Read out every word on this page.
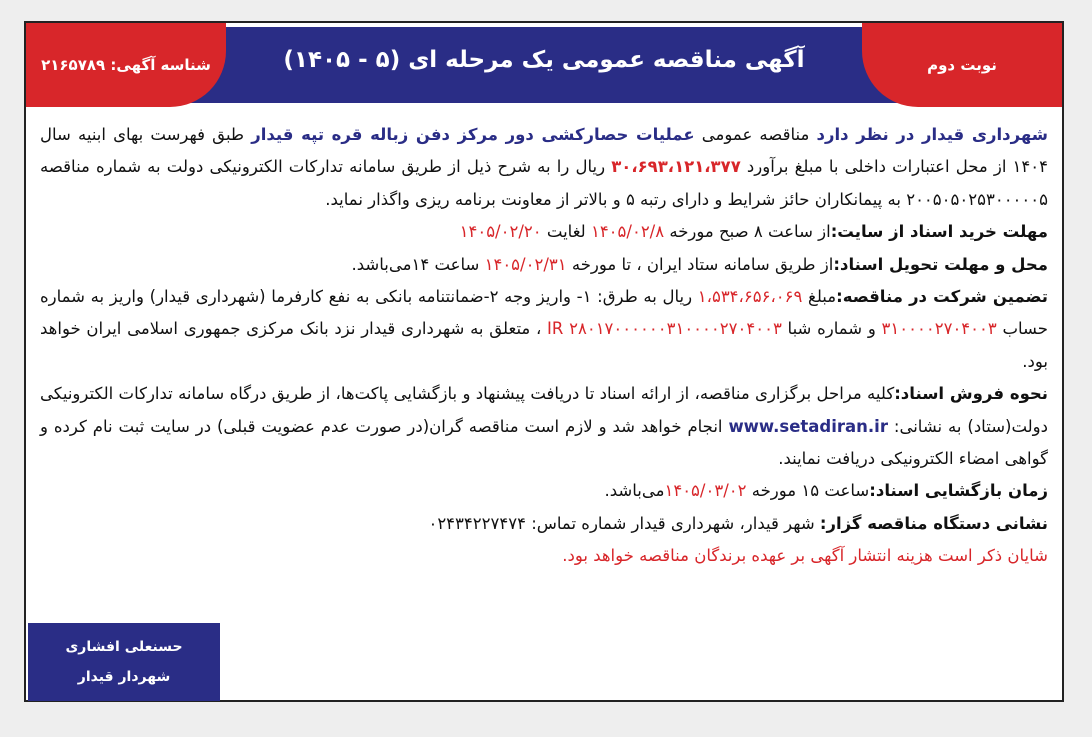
آگهی مناقصه عمومی یک مرحله ای (۵ - ۱۴۰۵)	نوبت دوم
شناسه آگهی: ۲۱۶۵۷۸۹

شهرداری قیدار در نظر دارد مناقصه عمومی عملیات حصارکشی دور مرکز دفن زباله قره تپه قیدار طبق فهرست بهای ابنیه سال ۱۴۰۴ از محل اعتبارات داخلی با مبلغ برآورد ۳۰،۶۹۳،۱۲۱،۳۷۷ ریال را به شرح ذیل از طریق سامانه تدارکات الکترونیکی دولت به شماره مناقصه ۲۰۰۵۰۵۰۲۵۳۰۰۰۰۰۵ به پیمانکاران حائز شرایط و دارای رتبه ۵ و بالاتر از معاونت برنامه ریزی واگذار نماید.

مهلت خرید اسناد از سایت:از ساعت ۸ صبح مورخه ۱۴۰۵/۰۲/۸ لغایت ۱۴۰۵/۰۲/۲۰

محل و مهلت تحویل اسناد:از طریق سامانه ستاد ایران ، تا مورخه ۱۴۰۵/۰۲/۳۱ ساعت ۱۴می‌باشد.

تضمین شرکت در مناقصه:مبلغ ۱،۵۳۴،۶۵۶،۰۶۹ ریال به طرق: ۱- واریز وجه ۲-ضمانتنامه بانکی به نفع کارفرما (شهرداری قیدار) واریز به شماره حساب ۳۱۰۰۰۰۲۷۰۴۰۰۳ و شماره شبا IR ۲۸۰۱۷۰۰۰۰۰۰۳۱۰۰۰۰۲۷۰۴۰۰۳ ، متعلق به شهرداری قیدار نزد بانک مرکزی جمهوری اسلامی ایران خواهد بود.

نحوه فروش اسناد:کلیه مراحل برگزاری مناقصه، از ارائه اسناد تا دریافت پیشنهاد و بازگشایی پاکت‌ها، از طریق درگاه سامانه تدارکات الکترونیکی دولت(ستاد) به نشانی: www.setadiran.ir انجام خواهد شد و لازم است مناقصه گران(در صورت عدم عضویت قبلی) در سایت ثبت نام کرده و گواهی امضاء الکترونیکی دریافت نمایند.

زمان بازگشایی اسناد:ساعت ۱۵ مورخه ۱۴۰۵/۰۳/۰۲می‌باشد.

نشانی دستگاه مناقصه گزار: شهر قیدار، شهرداری قیدار شماره تماس: ۰۲۴۳۴۲۲۷۴۷۴

شایان ذکر است هزینه انتشار آگهی بر عهده برندگان مناقصه خواهد بود.

حسنعلی افشاری
شهردار قیدار
